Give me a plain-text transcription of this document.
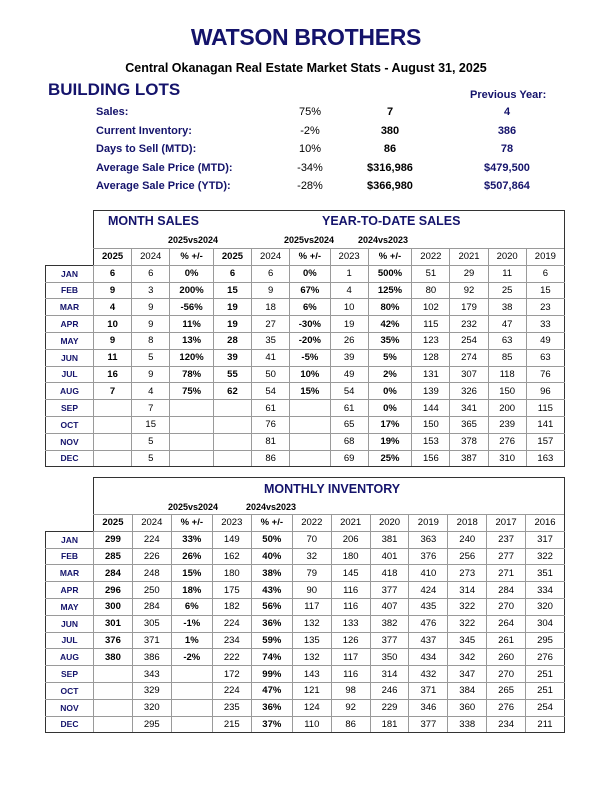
WATSON BROTHERS
Central Okanagan Real Estate Market Stats - August 31, 2025
BUILDING LOTS	Previous Year:
Sales:	75%	7	4
Current Inventory:	-2%	380	386
Days to Sell (MTD):	10%	86	78
Average Sale Price (MTD):	-34%	$316,986	$479,500
Average Sale Price (YTD):	-28%	$366,980	$507,864
MONTH SALES	YEAR-TO-DATE SALES
2025vs2024	2025vs2024	2024vs2023
	2025	2024	% +/-	2025	2024	% +/-	2023	% +/-	2022	2021	2020	2019
JAN	6	6	0%	6	6	0%	1	500%	51	29	11	6
FEB	9	3	200%	15	9	67%	4	125%	80	92	25	15
MAR	4	9	-56%	19	18	6%	10	80%	102	179	38	23
APR	10	9	11%	19	27	-30%	19	42%	115	232	47	33
MAY	9	8	13%	28	35	-20%	26	35%	123	254	63	49
JUN	11	5	120%	39	41	-5%	39	5%	128	274	85	63
JUL	16	9	78%	55	50	10%	49	2%	131	307	118	76
AUG	7	4	75%	62	54	15%	54	0%	139	326	150	96
SEP		7			61		61	0%	144	341	200	115
OCT		15			76		65	17%	150	365	239	141
NOV		5			81		68	19%	153	378	276	157
DEC		5			86		69	25%	156	387	310	163
MONTHLY INVENTORY
2025vs2024	2024vs2023
	2025	2024	% +/-	2023	% +/-	2022	2021	2020	2019	2018	2017	2016
JAN	299	224	33%	149	50%	70	206	381	363	240	237	317
FEB	285	226	26%	162	40%	32	180	401	376	256	277	322
MAR	284	248	15%	180	38%	79	145	418	410	273	271	351
APR	296	250	18%	175	43%	90	116	377	424	314	284	334
MAY	300	284	6%	182	56%	117	116	407	435	322	270	320
JUN	301	305	-1%	224	36%	132	133	382	476	322	264	304
JUL	376	371	1%	234	59%	135	126	377	437	345	261	295
AUG	380	386	-2%	222	74%	132	117	350	434	342	260	276
SEP		343		172	99%	143	116	314	432	347	270	251
OCT		329		224	47%	121	98	246	371	384	265	251
NOV		320		235	36%	124	92	229	346	360	276	254
DEC		295		215	37%	110	86	181	377	338	234	211
